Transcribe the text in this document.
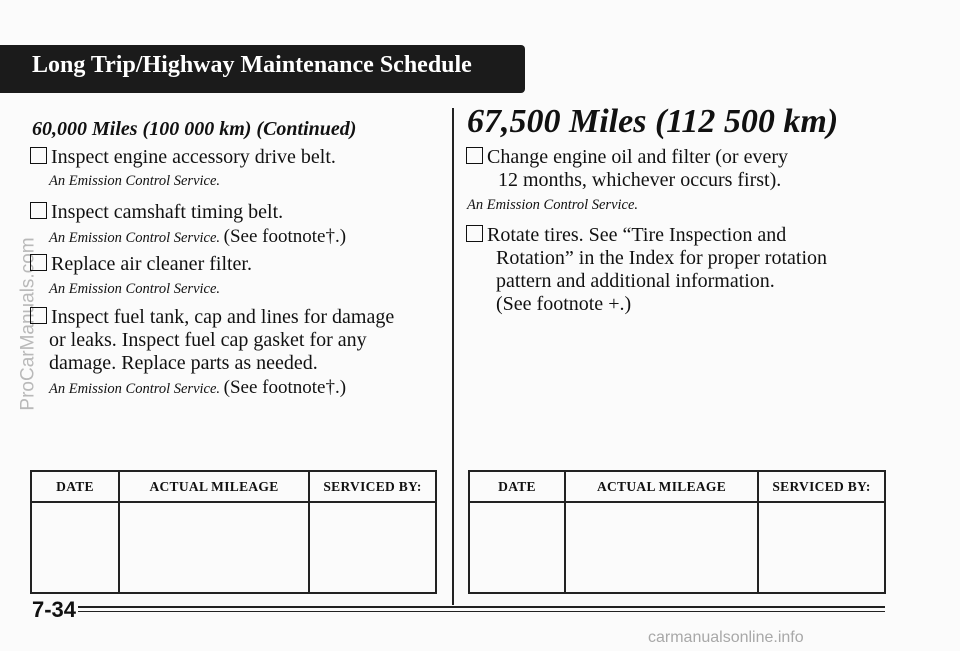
Long Trip/Highway Maintenance Schedule
ProCarManuals.com
60,000 Miles (100 000 km) (Continued)
Inspect engine accessory drive belt.
An Emission Control Service.
Inspect camshaft timing belt.
An Emission Control Service. (See footnote†.)
Replace air cleaner filter.
An Emission Control Service.
Inspect fuel tank, cap and lines for damage
or leaks. Inspect fuel cap gasket for any
damage. Replace parts as needed.
An Emission Control Service. (See footnote†.)
DATE	ACTUAL MILEAGE	SERVICED BY:

67,500 Miles (112 500 km)
Change engine oil and filter (or every
12 months, whichever occurs first).
An Emission Control Service.
Rotate tires. See “Tire Inspection and
Rotation” in the Index for proper rotation
pattern and additional information.
(See footnote +.)
DATE	ACTUAL MILEAGE	SERVICED BY:

7-34
carmanualsonline.info
